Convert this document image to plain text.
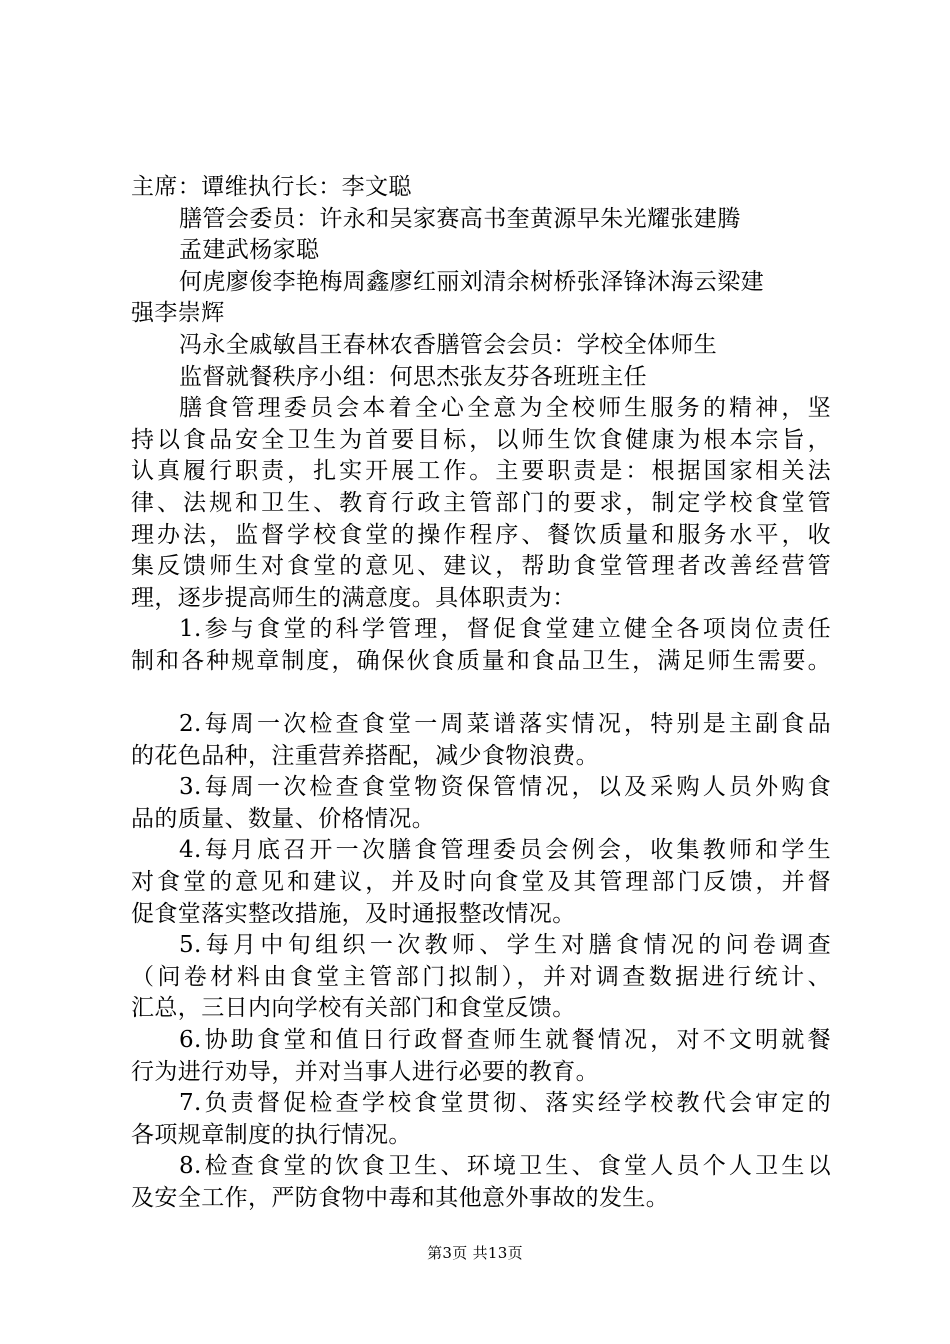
主席：谭维执行长：李文聪
膳管会委员：许永和吴家赛高书奎黄源早朱光耀张建腾
孟建武杨家聪
何虎廖俊李艳梅周鑫廖红丽刘清余树桥张泽锋沐海云梁建
强李崇辉
冯永全戚敏昌王春林农香膳管会会员：学校全体师生
监督就餐秩序小组：何思杰张友芬各班班主任
膳食管理委员会本着全心全意为全校师生服务的精神，坚
持以食品安全卫生为首要目标，以师生饮食健康为根本宗旨，
认真履行职责，扎实开展工作。主要职责是：根据国家相关法
律、法规和卫生、教育行政主管部门的要求，制定学校食堂管
理办法，监督学校食堂的操作程序、餐饮质量和服务水平，收
集反馈师生对食堂的意见、建议，帮助食堂管理者改善经营管
理，逐步提高师生的满意度。具体职责为：
1.参与食堂的科学管理，督促食堂建立健全各项岗位责任
制和各种规章制度，确保伙食质量和食品卫生，满足师生需要。
2.每周一次检查食堂一周菜谱落实情况，特别是主副食品
的花色品种，注重营养搭配，减少食物浪费。
3.每周一次检查食堂物资保管情况，以及采购人员外购食
品的质量、数量、价格情况。
4.每月底召开一次膳食管理委员会例会，收集教师和学生
对食堂的意见和建议，并及时向食堂及其管理部门反馈，并督
促食堂落实整改措施，及时通报整改情况。
5.每月中旬组织一次教师、学生对膳食情况的问卷调查
（问卷材料由食堂主管部门拟制），并对调查数据进行统计、
汇总，三日内向学校有关部门和食堂反馈。
6.协助食堂和值日行政督查师生就餐情况，对不文明就餐
行为进行劝导，并对当事人进行必要的教育。
7.负责督促检查学校食堂贯彻、落实经学校教代会审定的
各项规章制度的执行情况。
8.检查食堂的饮食卫生、环境卫生、食堂人员个人卫生以
及安全工作，严防食物中毒和其他意外事故的发生。
第3页 共13页
